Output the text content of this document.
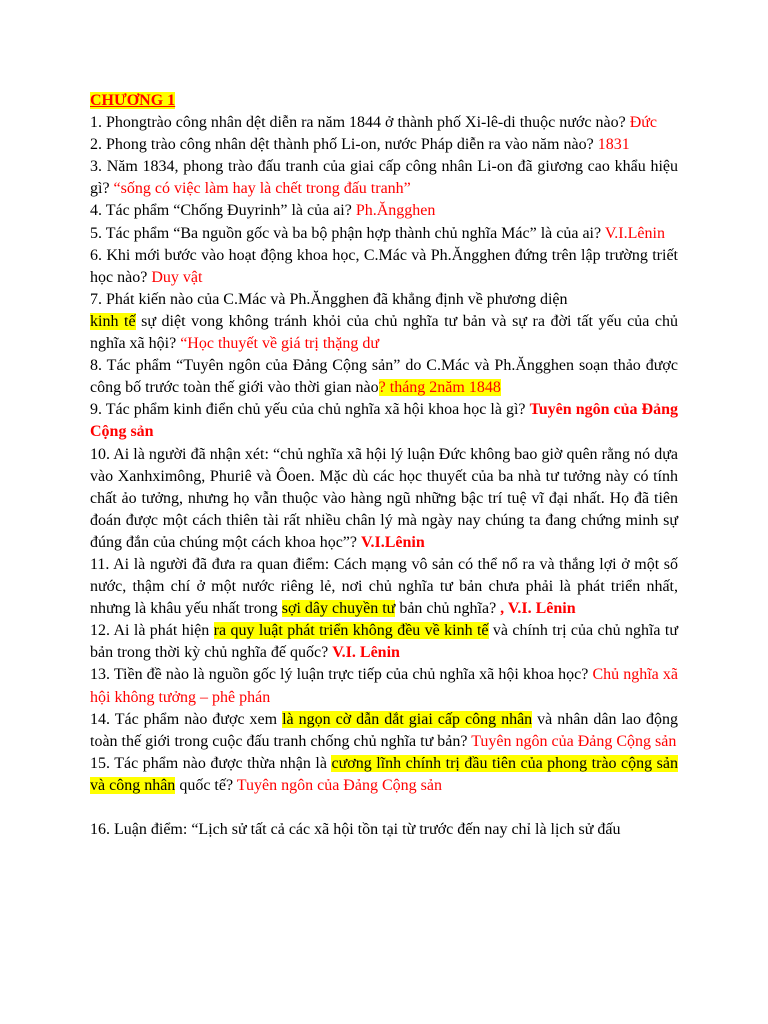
CHƯƠNG 1

1. Phongtrào công nhân dệt diễn ra năm 1844 ở thành phố Xi-lê-di thuộc nước nào? Đức

2. Phong trào công nhân dệt thành phố Li-on, nước Pháp diễn ra vào năm nào? 1831

3. Năm 1834, phong trào đấu tranh của giai cấp công nhân Li-on đã giương cao khẩu hiệu gì? “sống có việc làm hay là chết trong đấu tranh”

4. Tác phẩm “Chống Đuyrinh” là của ai? Ph.Ăngghen

5. Tác phẩm “Ba nguồn gốc và ba bộ phận hợp thành chủ nghĩa Mác” là của ai? V.I.Lênin

6. Khi mới bước vào hoạt động khoa học, C.Mác và Ph.Ăngghen đứng trên lập trường triết học nào? Duy vật

7. Phát kiến nào của C.Mác và Ph.Ăngghen đã khẳng định về phương diện
kinh tế sự diệt vong không tránh khỏi của chủ nghĩa tư bản và sự ra đời tất yếu của chủ nghĩa xã hội? “Học thuyết về giá trị thặng dư

8. Tác phẩm “Tuyên ngôn của Đảng Cộng sản” do C.Mác và Ph.Ăngghen soạn thảo được công bố trước toàn thế giới vào thời gian nào? tháng 2năm 1848

9. Tác phẩm kinh điển chủ yếu của chủ nghĩa xã hội khoa học là gì? Tuyên ngôn của Đảng Cộng sản

10. Ai là người đã nhận xét: “chủ nghĩa xã hội lý luận Đức không bao giờ quên rằng nó dựa vào Xanhximông, Phuriê và Ôoen. Mặc dù các học thuyết của ba nhà tư tưởng này có tính chất ảo tưởng, nhưng họ vẫn thuộc vào hàng ngũ những bậc trí tuệ vĩ đại nhất. Họ đã tiên đoán được một cách thiên tài rất nhiều chân lý mà ngày nay chúng ta đang chứng minh sự đúng đắn của chúng một cách khoa học”? V.I.Lênin

11. Ai là người đã đưa ra quan điểm: Cách mạng vô sản có thể nổ ra và thắng lợi ở một số nước, thậm chí ở một nước riêng lẻ, nơi chủ nghĩa tư bản chưa phải là phát triển nhất, nhưng là khâu yếu nhất trong sợi dây chuyền tư bản chủ nghĩa? , V.I. Lênin

12. Ai là phát hiện ra quy luật phát triển không đều về kinh tế và chính trị của chủ nghĩa tư bản trong thời kỳ chủ nghĩa đế quốc? V.I. Lênin

13. Tiền đề nào là nguồn gốc lý luận trực tiếp của chủ nghĩa xã hội khoa học? Chủ nghĩa xã hội không tưởng – phê phán

14. Tác phẩm nào được xem là ngọn cờ dẫn dắt giai cấp công nhân và nhân dân lao động toàn thế giới trong cuộc đấu tranh chống chủ nghĩa tư bản? Tuyên ngôn của Đảng Cộng sản

15. Tác phẩm nào được thừa nhận là cương lĩnh chính trị đầu tiên của phong trào cộng sản và công nhân quốc tế? Tuyên ngôn của Đảng Cộng sản

16. Luận điểm: “Lịch sử tất cả các xã hội tồn tại từ trước đến nay chỉ là lịch sử đấu
